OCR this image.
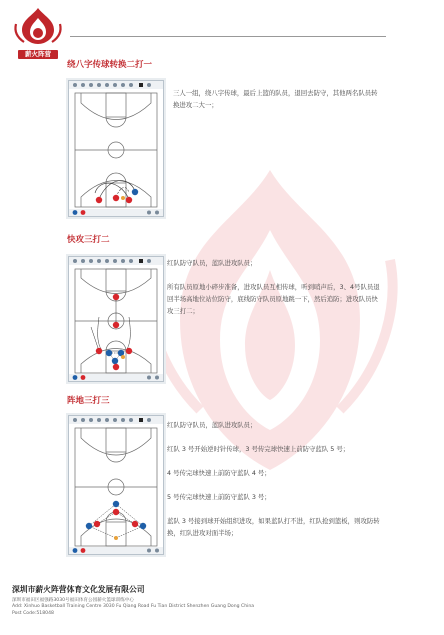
薪火阵营
绕八字传球转换二打一

三人一组，绕八字传球，最后上篮的队员，退回去防守，其他两名队员转换进攻二大一；

快攻三打二

红队防守队员，蓝队进攻队员；

所有队员原地小碎步准备，进攻队员互相传球，听到哨声后，3、4号队员退回半场高地位站位防守，底线防守队员原地跳一下，然后追防；进攻队员快攻三打二；

阵地三打三

红队防守队员，蓝队进攻队员；

红队 3 号开始逆时针传球，3 号传完球快速上前防守蓝队 5 号；

4 号传完球快速上前防守蓝队 4 号；

5 号传完球快速上前防守蓝队 3 号；

蓝队 3 号接到球开始组织进攻，如果蓝队打不进，红队抢到篮板，则攻防转换，红队进攻对面半场；

深圳市薪火阵营体育文化发展有限公司
深圳市福田区福强路3030号福田体育公园薪火篮球训练中心
Add: Xinhuo Basketball Training Centre 3030 Fu Qiang Road Fu Tian District Shenzhen Guang Dong China
Post Code:518048
